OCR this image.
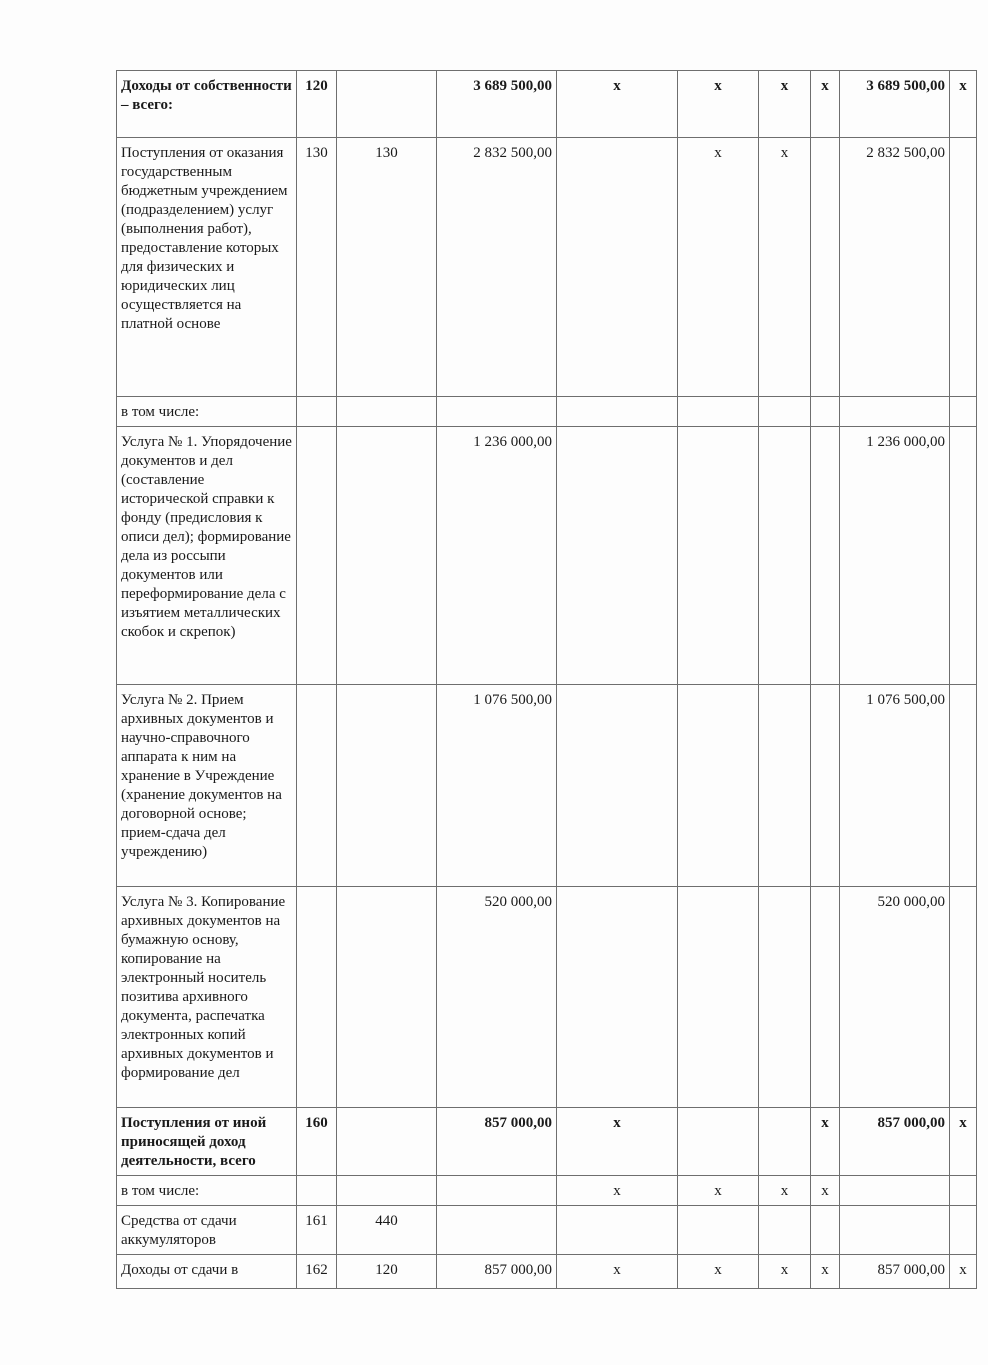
Доходы от собственности – всего:	120		3 689 500,00	х	х	х	х	3 689 500,00	х
Поступления от оказания государственным бюджетным учреждением (подразделением) услуг (выполнения работ), предоставление которых для физических и юридических лиц осуществляется на платной основе	130	130	2 832 500,00		х	х		2 832 500,00	
в том числе:									
Услуга № 1. Упорядочение документов и дел (составление исторической справки к фонду (предисловия к описи дел); формирование дела из россыпи документов или переформирование дела с изъятием металлических скобок и скрепок)			1 236 000,00					1 236 000,00	
Услуга № 2. Прием архивных документов и научно-справочного аппарата к ним на хранение в Учреждение (хранение документов на договорной основе; прием-сдача дел учреждению)			1 076 500,00					1 076 500,00	
Услуга № 3. Копирование архивных документов на бумажную основу, копирование на электронный носитель позитива архивного документа, распечатка электронных копий архивных документов и формирование дел			520 000,00					520 000,00	
Поступления от иной приносящей доход деятельности, всего	160		857 000,00	х			х	857 000,00	х
в том числе:				х	х	х	х		
Средства от сдачи аккумуляторов	161	440							
Доходы от сдачи в	162	120	857 000,00	х	х	х	х	857 000,00	х
